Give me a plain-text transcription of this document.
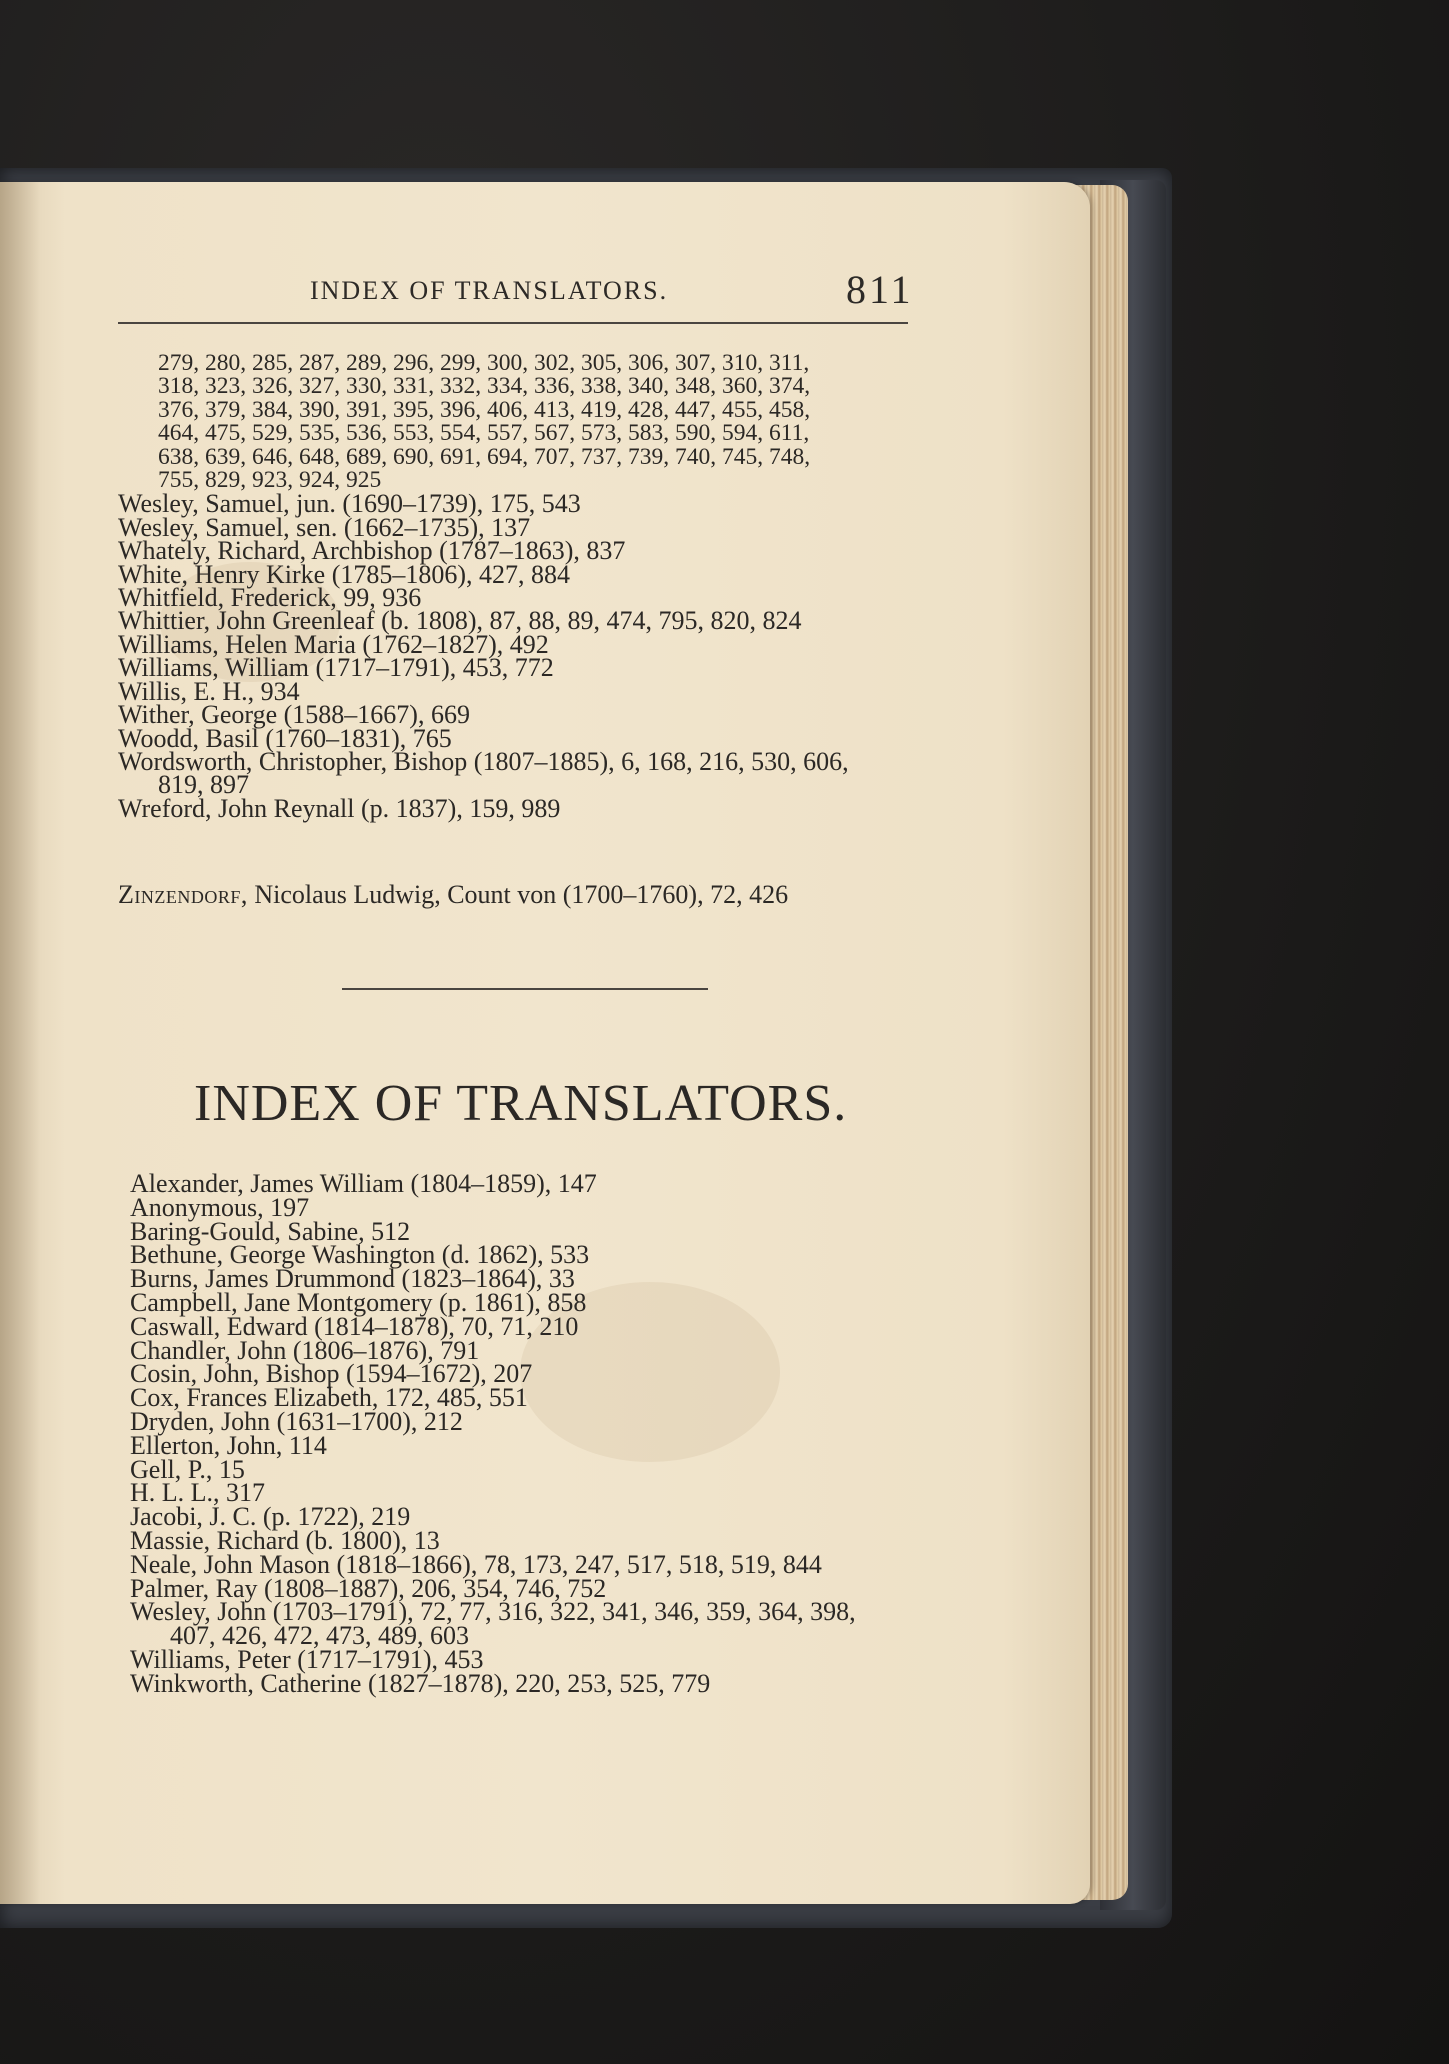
INDEX OF TRANSLATORS.	811
279, 280, 285, 287, 289, 296, 299, 300, 302, 305, 306, 307, 310, 311,
318, 323, 326, 327, 330, 331, 332, 334, 336, 338, 340, 348, 360, 374,
376, 379, 384, 390, 391, 395, 396, 406, 413, 419, 428, 447, 455, 458,
464, 475, 529, 535, 536, 553, 554, 557, 567, 573, 583, 590, 594, 611,
638, 639, 646, 648, 689, 690, 691, 694, 707, 737, 739, 740, 745, 748,
755, 829, 923, 924, 925
Wesley, Samuel, jun. (1690–1739), 175, 543
Wesley, Samuel, sen. (1662–1735), 137
Whately, Richard, Archbishop (1787–1863), 837
White, Henry Kirke (1785–1806), 427, 884
Whitfield, Frederick, 99, 936
Whittier, John Greenleaf (b. 1808), 87, 88, 89, 474, 795, 820, 824
Williams, Helen Maria (1762–1827), 492
Williams, William (1717–1791), 453, 772
Willis, E. H., 934
Wither, George (1588–1667), 669
Woodd, Basil (1760–1831), 765
Wordsworth, Christopher, Bishop (1807–1885), 6, 168, 216, 530, 606,
819, 897
Wreford, John Reynall (p. 1837), 159, 989
Zinzendorf, Nicolaus Ludwig, Count von (1700–1760), 72, 426
INDEX OF TRANSLATORS.
Alexander, James William (1804–1859), 147
Anonymous, 197
Baring-Gould, Sabine, 512
Bethune, George Washington (d. 1862), 533
Burns, James Drummond (1823–1864), 33
Campbell, Jane Montgomery (p. 1861), 858
Caswall, Edward (1814–1878), 70, 71, 210
Chandler, John (1806–1876), 791
Cosin, John, Bishop (1594–1672), 207
Cox, Frances Elizabeth, 172, 485, 551
Dryden, John (1631–1700), 212
Ellerton, John, 114
Gell, P., 15
H. L. L., 317
Jacobi, J. C. (p. 1722), 219
Massie, Richard (b. 1800), 13
Neale, John Mason (1818–1866), 78, 173, 247, 517, 518, 519, 844
Palmer, Ray (1808–1887), 206, 354, 746, 752
Wesley, John (1703–1791), 72, 77, 316, 322, 341, 346, 359, 364, 398,
407, 426, 472, 473, 489, 603
Williams, Peter (1717–1791), 453
Winkworth, Catherine (1827–1878), 220, 253, 525, 779
